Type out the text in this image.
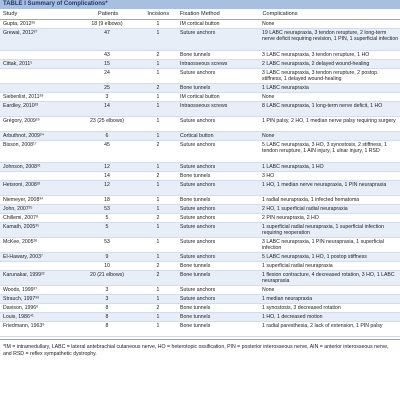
TABLE I Summary of Complications*
Study	Patients	Incisions	Fixation Method	Complications
Gupta, 2012²⁶	18 (9 elbows)	1	IM cortical button	None
Grewal, 2012²⁷	47	1	Suture anchors	19 LABC neurapraxia, 3 tendon rerupture, 2 long-term nerve deficit requiring revision, 1 PIN, 1 superficial infection
43	2	Bone tunnels	3 LABC neurapraxia, 3 tendon rerupture, 1 HO
Cittak, 2011⁵	15	1	Intraosseous screws	2 LABC neurapraxia, 2 delayed wound-healing
24	1	Suture anchors	3 LABC neurapraxia, 3 tendon rerupture, 2 postop. stiffness, 1 delayed wound-healing
25	2	Bone tunnels	1 LABC neurapraxia
Siebenlist, 2011²⁸	3	1	IM cortical button	None
Eardley, 2010²³	14	1	Intraosseous screws	8 LABC neurapraxia, 1 long-term nerve deficit, 1 HO
Grégory, 2009²⁹	23 (25 elbows)	1	Suture anchors	1 PIN palsy, 2 HO, 1 median nerve palsy requiring surgery
Arbuthnot, 2009²⁴	6	1	Cortical button	None
Bisson, 2008¹⁷	45	2	Suture anchors	5 LABC neurapraxia, 3 HO, 3 synostosis, 2 stiffness, 1 tendon rerupture, 1 AIN injury, 1 ulnar injury, 1 RSD
Johnson, 2008³¹	12	1	Suture anchors	1 LABC neurapraxia, 1 HO
14	2	Bone tunnels	3 HO
Hetsroni, 2008³²	12	1	Suture anchors	1 HO, 1 median nerve neurapraxia, 1 PIN neurapraxia
Niemeyer, 2008³⁴	18	1	Bone tunnels	1 radial neurapraxia, 1 infected hematoma
John, 2007²⁵	53	1	Suture anchors	2 HO, 1 superficial radial neurapraxia
Chillemi, 2007⁸	5	2	Suture anchors	2 PIN neurapraxia, 2 HO
Kamath, 2005³⁵	5	1	Suture anchors	1 superficial radial neurapraxia, 1 superficial infection requiring reoperation
McKee, 2005³⁶	53	1	Suture anchors	3 LABC neurapraxia, 1 PIN neurapraxia, 1 superficial infection
El-Hawary, 2003⁷	9	1	Suture anchors	5 LABC neurapraxia, 1 HO, 1 postop stiffness
10	2	Bone tunnels	1 superficial radial neurapraxia
Karunakar, 1999²²	20 (21 elbows)	2	Bone tunnels	1 flexion contracture, 4 decreased rotation, 3 HO, 1 LABC neurapraxia
Woods, 1999³⁷	3	1	Suture anchors	None
Strauch, 1997³⁹	3	1	Suture anchors	1 median neurapraxia
Davison, 1996⁶	8	2	Bone tunnels	1 synostosis, 3 decreased rotation
Louis, 1986⁴¹	8	1	Bone tunnels	1 HO, 1 decreased motion
Friedmann, 1963⁹	8	1	Bone tunnels	1 radial paresthesia, 2 lack of extension, 1 PIN palsy
*IM = intramedullary, LABC = lateral antebrachial cutaneous nerve, HO = heterotopic ossification, PIN = posterior interosseous nerve, AIN = anterior interosseous nerve, and RSD = reflex sympathetic dystrophy.
